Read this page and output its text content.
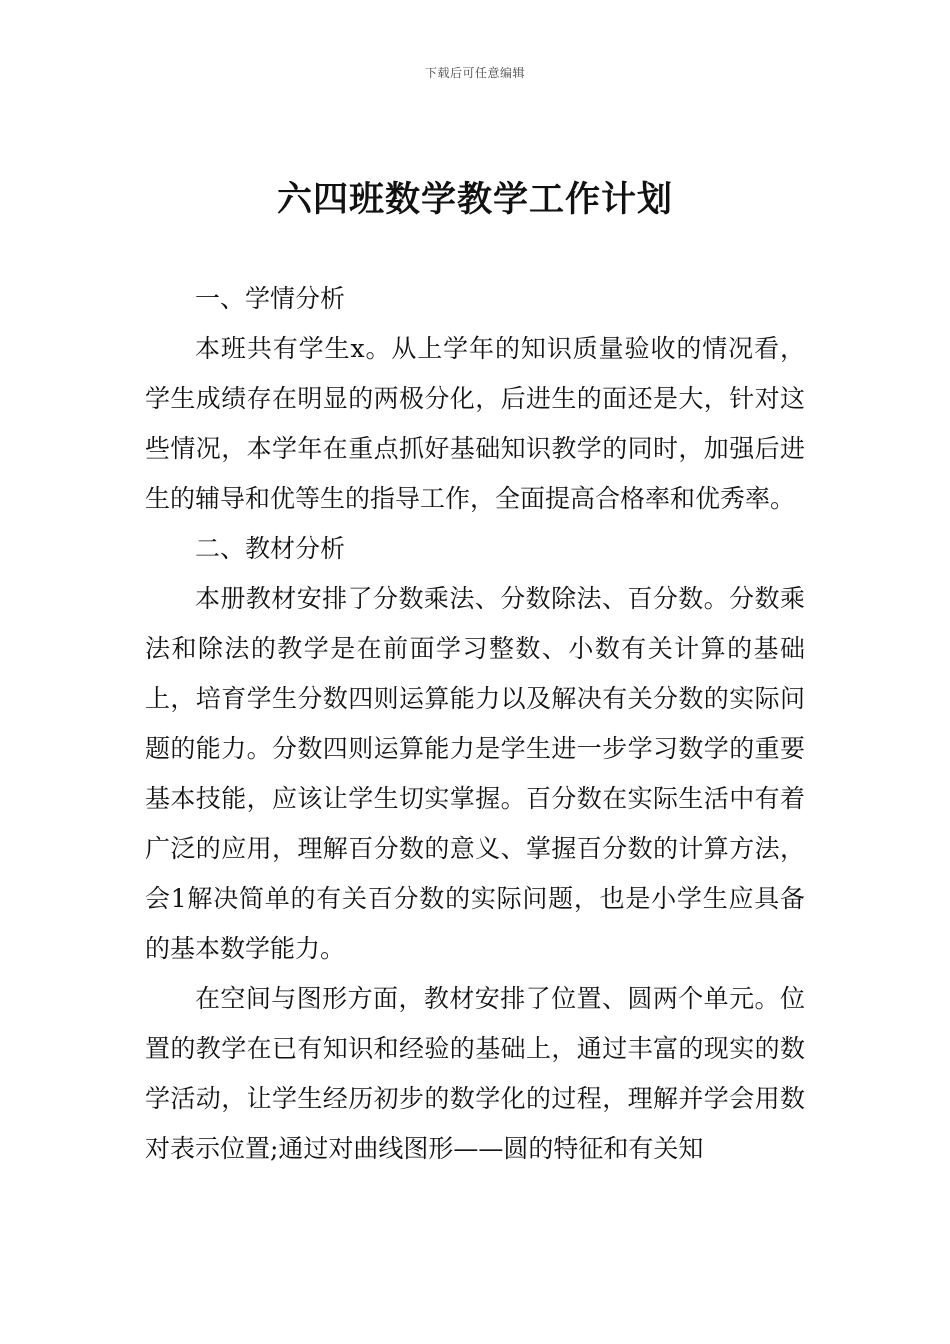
下载后可任意编辑
六四班数学教学工作计划

一、学情分析

本班共有学生x。从上学年的知识质量验收的情况看，学生成绩存在明显的两极分化，后进生的面还是大，针对这些情况，本学年在重点抓好基础知识教学的同时，加强后进生的辅导和优等生的指导工作，全面提高合格率和优秀率。

二、教材分析

本册教材安排了分数乘法、分数除法、百分数。分数乘法和除法的教学是在前面学习整数、小数有关计算的基础上，培育学生分数四则运算能力以及解决有关分数的实际问题的能力。分数四则运算能力是学生进一步学习数学的重要基本技能，应该让学生切实掌握。百分数在实际生活中有着广泛的应用，理解百分数的意义、掌握百分数的计算方法，会1解决简单的有关百分数的实际问题，也是小学生应具备的基本数学能力。

在空间与图形方面，教材安排了位置、圆两个单元。位置的教学在已有知识和经验的基础上，通过丰富的现实的数学活动，让学生经历初步的数学化的过程，理解并学会用数对表示位置;通过对曲线图形——圆的特征和有关知
